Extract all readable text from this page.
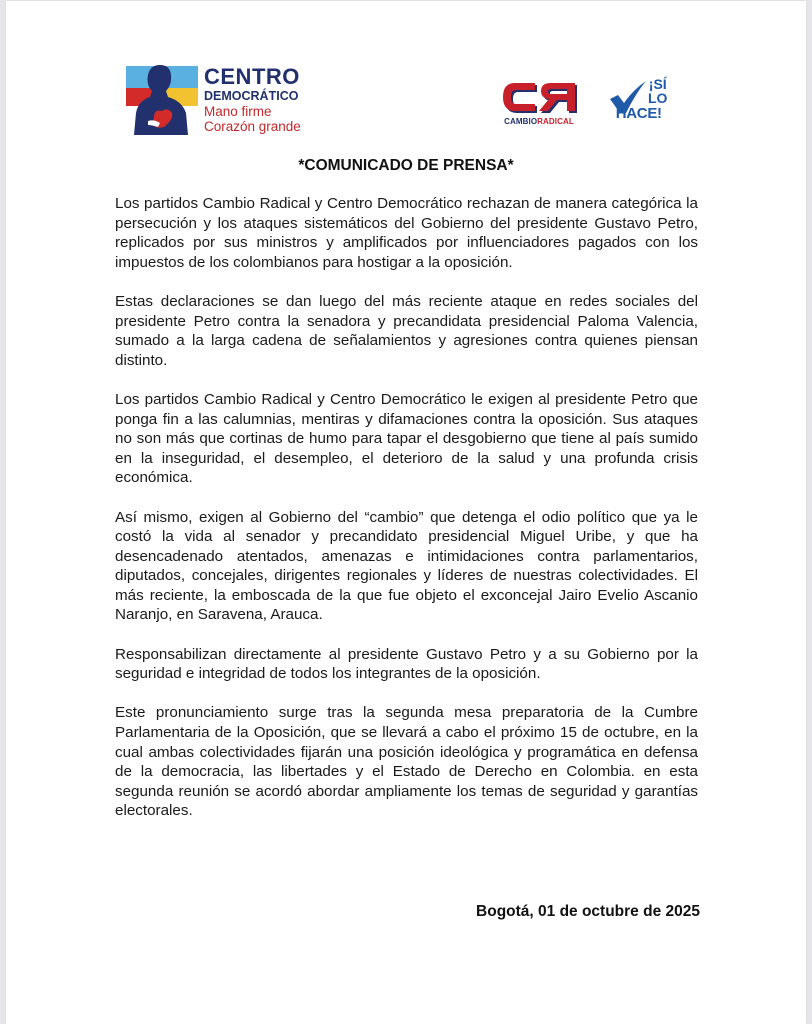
CENTRO
DEMOCRÁTICO
Mano firme
Corazón grande	CAMBIORADICAL
¡SÍ
LO
HACE!
*COMUNICADO DE PRENSA*

Los partidos Cambio Radical y Centro Democrático rechazan de manera categórica la persecución y los ataques sistemáticos del Gobierno del presidente Gustavo Petro, replicados por sus ministros y amplificados por influenciadores pagados con los impuestos de los colombianos para hostigar a la oposición.

Estas declaraciones se dan luego del más reciente ataque en redes sociales del presidente Petro contra la senadora y precandidata presidencial Paloma Valencia, sumado a la larga cadena de señalamientos y agresiones contra quienes piensan distinto.

Los partidos Cambio Radical y Centro Democrático le exigen al presidente Petro que ponga fin a las calumnias, mentiras y difamaciones contra la oposición. Sus ataques no son más que cortinas de humo para tapar el desgobierno que tiene al país sumido en la inseguridad, el desempleo, el deterioro de la salud y una profunda crisis económica.

Así mismo, exigen al Gobierno del “cambio” que detenga el odio político que ya le costó la vida al senador y precandidato presidencial Miguel Uribe, y que ha desencadenado atentados, amenazas e intimidaciones contra parlamentarios, diputados, concejales, dirigentes regionales y líderes de nuestras colectividades. El más reciente, la emboscada de la que fue objeto el exconcejal Jairo Evelio Ascanio Naranjo, en Saravena, Arauca.

Responsabilizan directamente al presidente Gustavo Petro y a su Gobierno por la seguridad e integridad de todos los integrantes de la oposición.

Este pronunciamiento surge tras la segunda mesa preparatoria de la Cumbre Parlamentaria de la Oposición, que se llevará a cabo el próximo 15 de octubre, en la cual ambas colectividades fijarán una posición ideológica y programática en defensa de la democracia, las libertades y el Estado de Derecho en Colombia. en esta segunda reunión se acordó abordar ampliamente los temas de seguridad y garantías electorales.

Bogotá, 01 de octubre de 2025
